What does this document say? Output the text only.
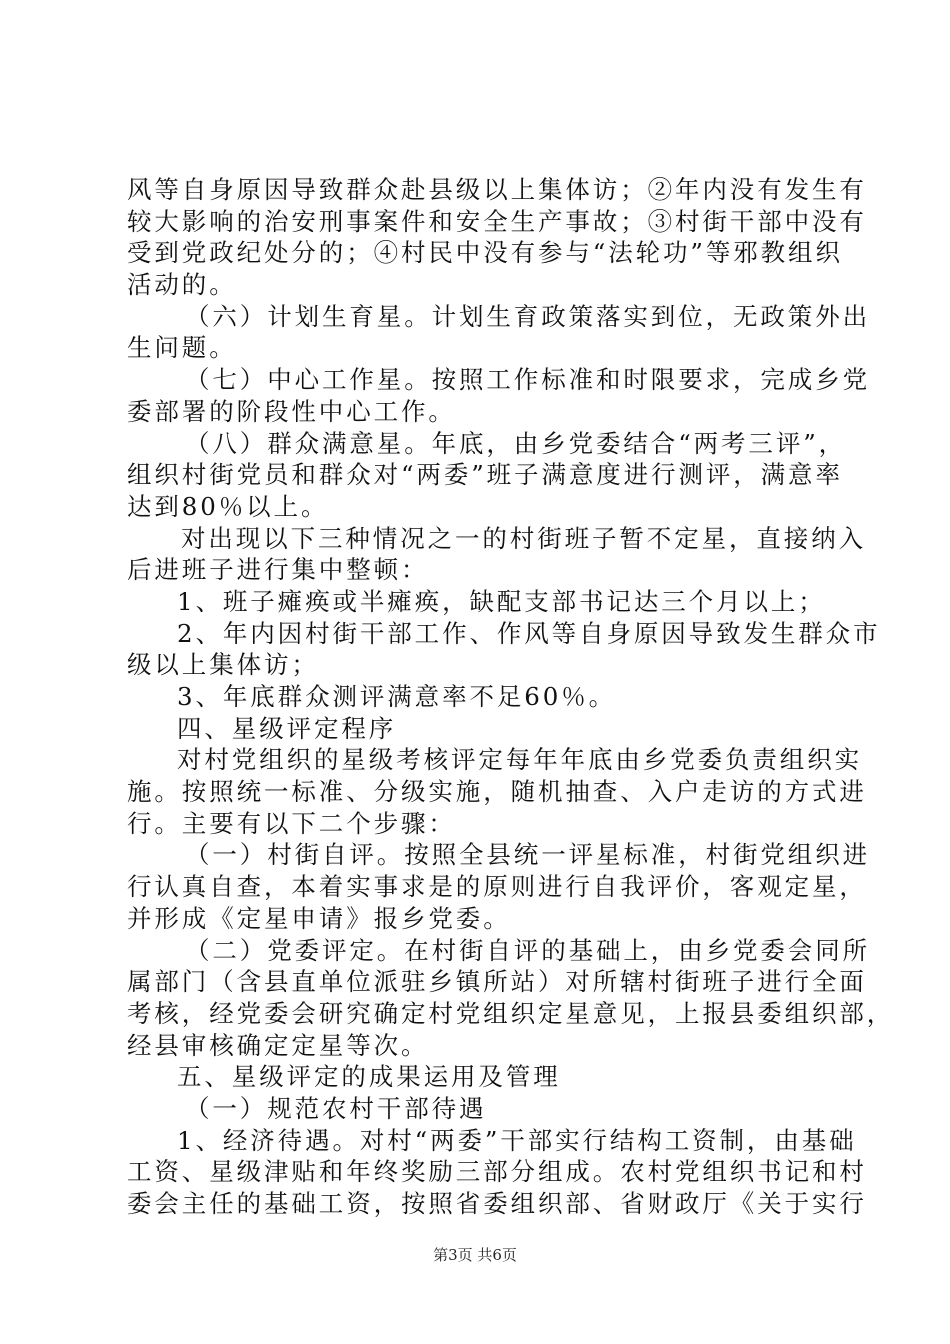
风等自身原因导致群众赴县级以上集体访；②年内没有发生有
较大影响的治安刑事案件和安全生产事故；③村街干部中没有
受到党政纪处分的；④村民中没有参与“法轮功”等邪教组织
活动的。
（六）计划生育星。计划生育政策落实到位，无政策外出
生问题。
（七）中心工作星。按照工作标准和时限要求，完成乡党
委部署的阶段性中心工作。
（八）群众满意星。年底，由乡党委结合“两考三评”，
组织村街党员和群众对“两委”班子满意度进行测评，满意率
达到80％以上。
对出现以下三种情况之一的村街班子暂不定星，直接纳入
后进班子进行集中整顿：
1、班子瘫痪或半瘫痪，缺配支部书记达三个月以上；
2、年内因村街干部工作、作风等自身原因导致发生群众市
级以上集体访；
3、年底群众测评满意率不足60％。
四、星级评定程序
对村党组织的星级考核评定每年年底由乡党委负责组织实
施。按照统一标准、分级实施，随机抽查、入户走访的方式进
行。主要有以下二个步骤：
（一）村街自评。按照全县统一评星标准，村街党组织进
行认真自查，本着实事求是的原则进行自我评价，客观定星，
并形成《定星申请》报乡党委。
（二）党委评定。在村街自评的基础上，由乡党委会同所
属部门（含县直单位派驻乡镇所站）对所辖村街班子进行全面
考核，经党委会研究确定村党组织定星意见，上报县委组织部，
经县审核确定定星等次。
五、星级评定的成果运用及管理
（一）规范农村干部待遇
1、经济待遇。对村“两委”干部实行结构工资制，由基础
工资、星级津贴和年终奖励三部分组成。农村党组织书记和村
委会主任的基础工资，按照省委组织部、省财政厅《关于实行
第3页 共6页
